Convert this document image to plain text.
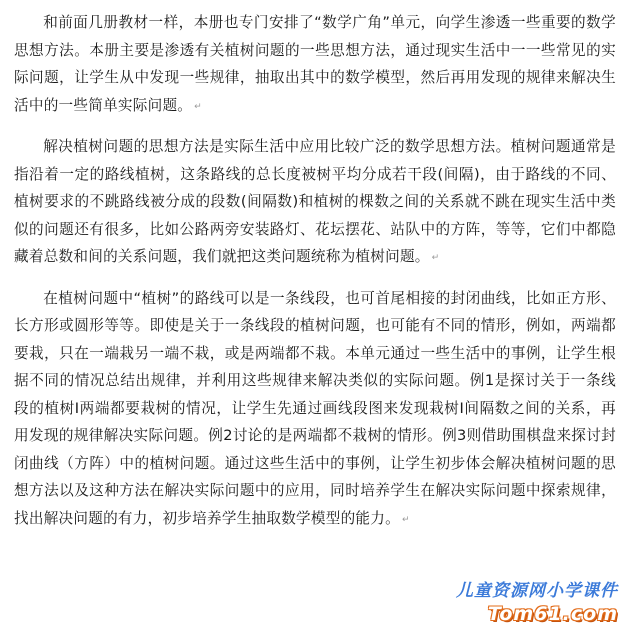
和前面几册教材一样，本册也专门安排了“数学广角”单元，向学生渗透一些重要的数学思想方法。本册主要是渗透有关植树问题的一些思想方法，通过现实生活中一一些常见的实际问题，让学生从中发现一些规律，抽取出其中的数学模型，然后再用发现的规律来解决生活中的一些简单实际问题。 ↵

解决植树问题的思想方法是实际生活中应用比较广泛的数学思想方法。植树问题通常是指沿着一定的路线植树，这条路线的总长度被树平均分成若干段(间隔)，由于路线的不同、植树要求的不跳路线被分成的段数(间隔数)和植树的棵数之间的关系就不跳在现实生活中类似的问题还有很多，比如公路两旁安装路灯、花坛摆花、站队中的方阵，等等，它们中都隐藏着总数和间的关系问题，我们就把这类问题统称为植树问题。 ↵

在植树问题中“植树”的路线可以是一条线段，也可首尾相接的封闭曲线，比如正方形、长方形或圆形等等。即使是关于一条线段的植树问题，也可能有不同的情形，例如，两端都要栽，只在一端栽另一端不栽，或是两端都不栽。本单元通过一些生活中的事例，让学生根据不同的情况总结出规律，并利用这些规律来解决类似的实际问题。例1是探讨关于一条线段的植树Ⅰ两端都要栽树的情况，让学生先通过画线段图来发现栽树Ⅰ间隔数之间的关系，再用发现的规律解决实际问题。例2讨论的是两端都不栽树的情形。例3则借助围棋盘来探讨封闭曲线（方阵）中的植树问题。通过这些生活中的事例，让学生初步体会解决植树问题的思想方法以及这种方法在解决实际问题中的应用，同时培养学生在解决实际问题中探索规律，找出解决问题的有力，初步培养学生抽取数学模型的能力。 ↵

儿童资源网小学课件
Tom61.com
